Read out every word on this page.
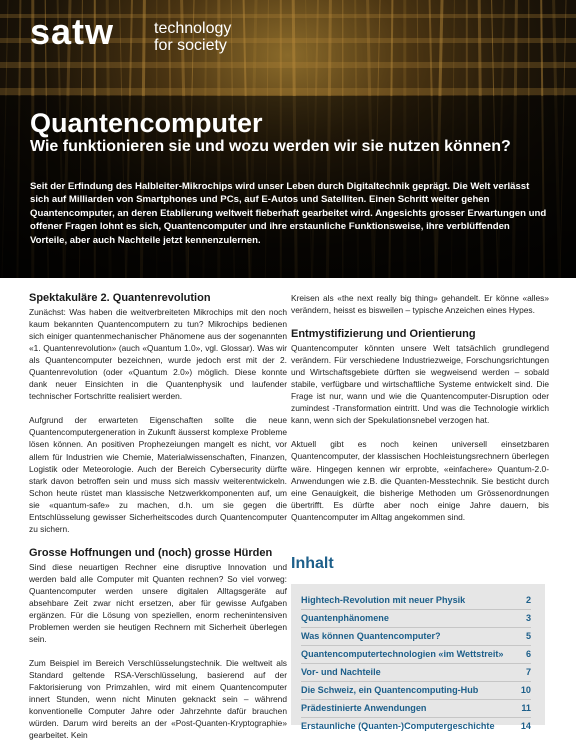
satw technology
for society
Quantencomputer
Wie funktionieren sie und wozu werden wir sie nutzen können?
Seit der Erfindung des Halbleiter-Mikrochips wird unser Leben durch Digitaltechnik geprägt. Die Welt verlässt sich auf Milliarden von Smartphones und PCs, auf E-Autos und Satelliten. Einen Schritt weiter gehen Quantencomputer, an deren Etablierung weltweit fieberhaft gearbeitet wird. Angesichts grosser Erwartungen und offener Fragen lohnt es sich, Quantencomputer und ihre erstaunliche Funktionsweise, ihre verblüffenden Vorteile, aber auch Nachteile jetzt kennenzulernen.
Spektakuläre 2. Quantenrevolution

Zunächst: Was haben die weitverbreiteten Mikrochips mit den noch kaum bekannten Quantencomputern zu tun? Mikrochips bedienen sich einiger quantenmechanischer Phänomene aus der sogenannten «1. Quantenrevolution» (auch «Quantum 1.0», vgl. Glossar). Was wir als Quantencomputer bezeichnen, wurde jedoch erst mit der 2. Quantenrevolution (oder «Quantum 2.0») möglich. Diese konnte dank neuer Einsichten in die Quantenphysik und laufender technischer Fortschritte realisiert werden.

Aufgrund der erwarteten Eigenschaften sollte die neue Quantencomputergeneration in Zukunft äusserst komplexe Probleme lösen können. An positiven Prophezeiungen mangelt es nicht, vor allem für Industrien wie Chemie, Materialwissenschaften, Finanzen, Logistik oder Meteorologie. Auch der Bereich Cybersecurity dürfte stark davon betroffen sein und muss sich massiv weiterentwickeln. Schon heute rüstet man klassische Netzwerkkomponenten auf, um sie «quantum-safe» zu machen, d.h. um sie gegen die Entschlüsselung gewisser Sicherheitscodes durch Quantencomputer zu sichern.

Grosse Hoffnungen und (noch) grosse Hürden

Sind diese neuartigen Rechner eine disruptive Innovation und werden bald alle Computer mit Quanten rechnen? So viel vorweg: Quantencomputer werden unsere digitalen Alltagsgeräte auf absehbare Zeit zwar nicht ersetzen, aber für gewisse Aufgaben ergänzen. Für die Lösung von speziellen, enorm rechenintensiven Problemen werden sie heutigen Rechnern mit Sicherheit überlegen sein.

Zum Beispiel im Bereich Verschlüsselungstechnik. Die weltweit als Standard geltende RSA-Verschlüsselung, basierend auf der Faktorisierung von Primzahlen, wird mit einem Quantencomputer innert Stunden, wenn nicht Minuten geknackt sein – während konventionelle Computer Jahre oder Jahrzehnte dafür brauchen würden. Darum wird bereits an der «Post-Quanten-Kryptographie» gearbeitet. Kein

Kreisen als «the next really big thing» gehandelt. Er könne «alles» verändern, heisst es bisweilen – typische Anzeichen eines Hypes.

Entmystifizierung und Orientierung

Quantencomputer könnten unsere Welt tatsächlich grundlegend verändern. Für verschiedene Industriezweige, Forschungsrichtungen und Wirtschaftsgebiete dürften sie wegweisend werden – sobald stabile, verfügbare und wirtschaftliche Systeme entwickelt sind. Die Frage ist nur, wann und wie die Quantencomputer-Disruption oder zumindest -Transformation eintritt. Und was die Technologie wirklich kann, wenn sich der Spekulationsnebel verzogen hat.

Aktuell gibt es noch keinen universell einsetzbaren Quantencomputer, der klassischen Hochleistungsrechnern überlegen wäre. Hingegen kennen wir erprobte, «einfachere» Quantum-2.0-Anwendungen wie z.B. die Quanten-Messtechnik. Sie besticht durch eine Genauigkeit, die bisherige Methoden um Grössenordnungen übertrifft. Es dürfte aber noch einige Jahre dauern, bis Quantencomputer im Alltag angekommen sind.

Inhalt
Hightech-Revolution mit neuer Physik	2
Quantenphänomene	3
Was können Quantencomputer?	5
Quantencomputertechnologien «im Wettstreit» 6
Vor- und Nachteile	7
Die Schweiz, ein Quantencomputing-Hub	10
Prädestinierte Anwendungen	11
Erstaunliche (Quanten-)Computergeschichte	14
